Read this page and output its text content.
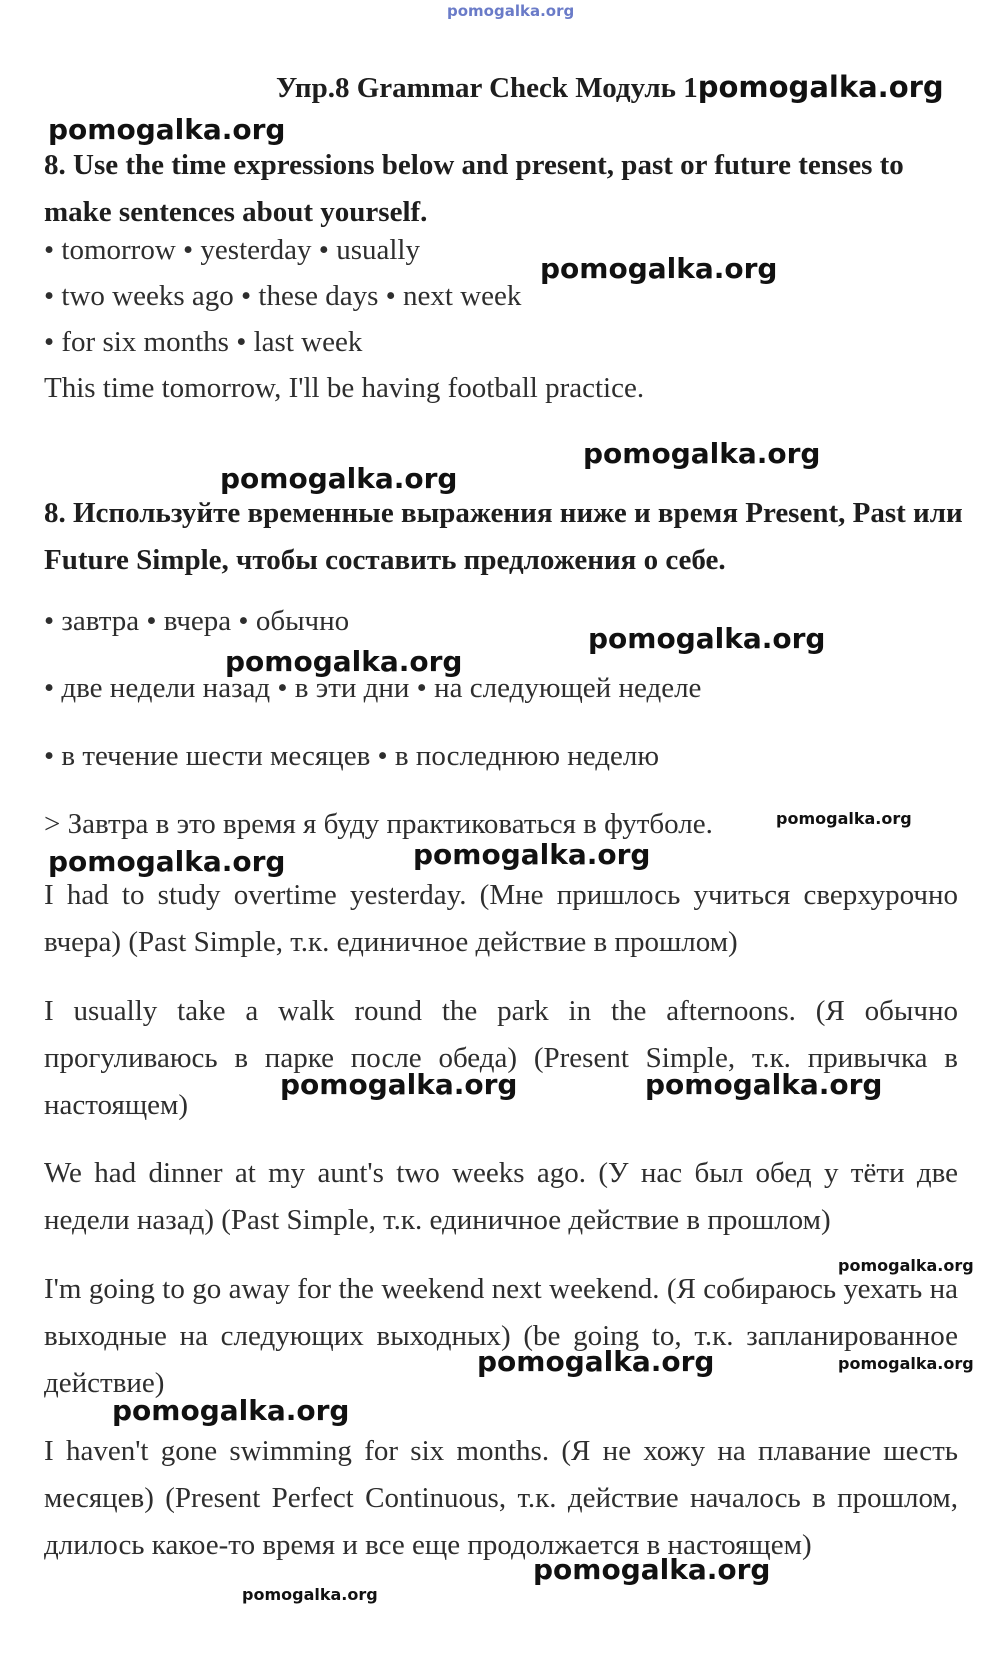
pomogalka.org
Упр.8 Grammar Check Модуль 1pomogalka.org
8. Use the time expressions below and present, past or future tenses to make sentences about yourself.
• tomorrow • yesterday • usually
• two weeks ago • these days • next week
• for six months • last week
This time tomorrow, I'll be having football practice.
8. Используйте временные выражения ниже и время Present, Past или Future Simple, чтобы составить предложения о себе.
• завтра • вчера • обычно
• две недели назад • в эти дни • на следующей неделе
• в течение шести месяцев • в последнюю неделю
> Завтра в это время я буду практиковаться в футболе.
I had to study overtime yesterday. (Мне пришлось учиться сверхурочно вчера) (Past Simple, т.к. единичное действие в прошлом)
I usually take a walk round the park in the afternoons. (Я обычно прогуливаюсь в парке после обеда) (Present Simple, т.к. привычка в настоящем)
We had dinner at my aunt's two weeks ago. (У нас был обед у тёти две недели назад) (Past Simple, т.к. единичное действие в прошлом)
I'm going to go away for the weekend next weekend. (Я собираюсь уехать на выходные на следующих выходных) (be going to, т.к. запланированное действие)
I haven't gone swimming for six months. (Я не хожу на плавание шесть месяцев) (Present Perfect Continuous, т.к. действие началось в прошлом, длилось какое-то время и все еще продолжается в настоящем)
pomogalka.org
pomogalka.org
pomogalka.org
pomogalka.org
pomogalka.org
pomogalka.org
pomogalka.org
pomogalka.org	pomogalka.org
pomogalka.org	pomogalka.org
pomogalka.org
pomogalka.org
pomogalka.org
pomogalka.org
pomogalka.org
pomogalka.org
pomogalka.org
